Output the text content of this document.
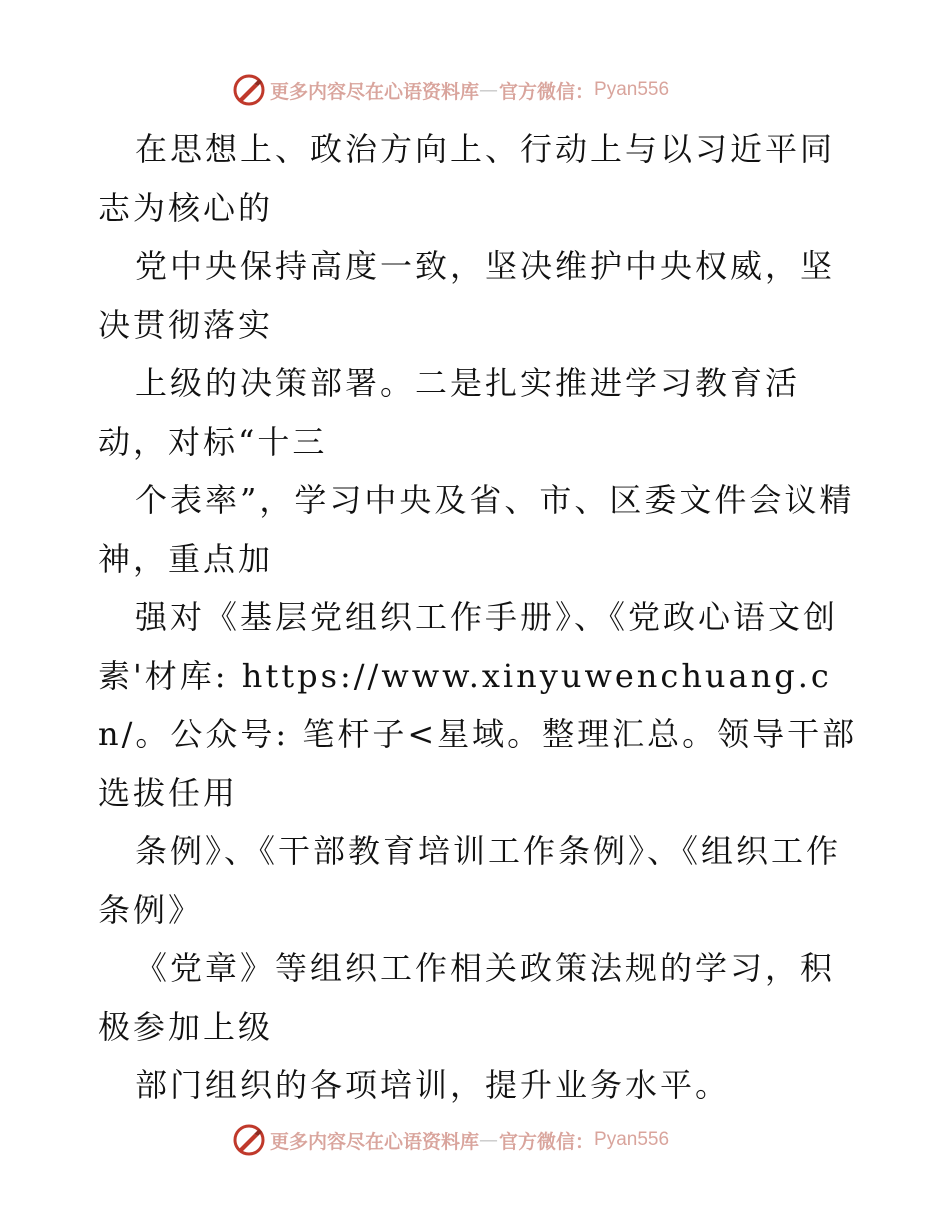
更多内容尽在心语资料库 — 官方微信： Pyan556

在思想上、政治方向上、行动上与以习近平同志为核心的

党中央保持高度一致，坚决维护中央权威，坚决贯彻落实

上级的决策部署。二是扎实推进学习教育活动，对标“十三

个表率”，学习中央及省、市、区委文件会议精神，重点加

强对《基层党组织工作手册》、《党政心语文创素'材库: https://www.xinyuwenchuang.cn/。公众号: 笔杆子<星域。整理汇总。领导干部选拔任用

条例》、《干部教育培训工作条例》、《组织工作条例》

《党章》等组织工作相关政策法规的学习，积极参加上级

部门组织的各项培训，提升业务水平。

更多内容尽在心语资料库 — 官方微信： Pyan556
